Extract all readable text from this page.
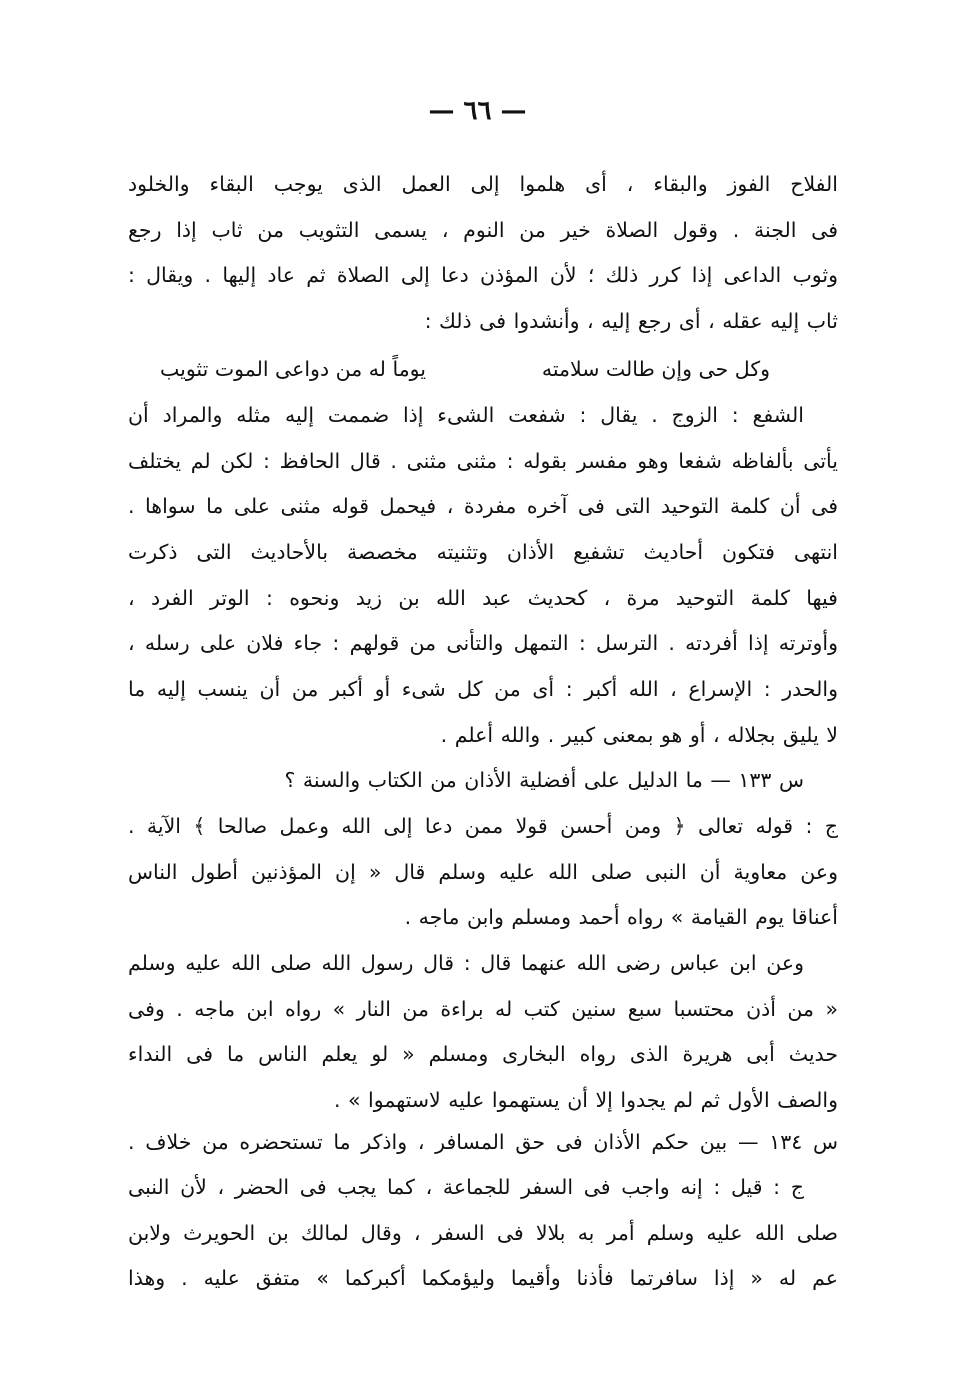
— ٦٦ —
الفلاح الفوز والبقاء ، أى هلموا إلى العمل الذى يوجب البقاء والخلود
فى الجنة . وقول الصلاة خير من النوم ، يسمى التثويب من ثاب إذا رجع
وثوب الداعى إذا كرر ذلك ؛ لأن المؤذن دعا إلى الصلاة ثم عاد إليها . ويقال :
ثاب إليه عقله ، أى رجع إليه ، وأنشدوا فى ذلك :
وكل حى وإن طالت سلامته
يوماً له من دواعى الموت تثويب
الشفع : الزوج . يقال : شفعت الشىء إذا ضممت إليه مثله والمراد أن
يأتى بألفاظه شفعا وهو مفسر بقوله : مثنى مثنى . قال الحافظ : لكن لم يختلف
فى أن كلمة التوحيد التى فى آخره مفردة ، فيحمل قوله مثنى على ما سواها .
انتهى فتكون أحاديث تشفيع الأذان وتثنيته مخصصة بالأحاديث التى ذكرت
فيها كلمة التوحيد مرة ، كحديث عبد الله بن زيد ونحوه : الوتر الفرد ،
وأوترته إذا أفردته . الترسل : التمهل والتأنى من قولهم : جاء فلان على رسله ،
والحدر : الإسراع ، الله أكبر : أى من كل شىء أو أكبر من أن ينسب إليه ما
لا يليق بجلاله ، أو هو بمعنى كبير . والله أعلم .
س ١٣٣ — ما الدليل على أفضلية الأذان من الكتاب والسنة ؟
ج : قوله تعالى ﴿ ومن أحسن قولا ممن دعا إلى الله وعمل صالحا ﴾ الآية .
وعن معاوية أن النبى صلى الله عليه وسلم قال « إن المؤذنين أطول الناس
أعناقا يوم القيامة » رواه أحمد ومسلم وابن ماجه .
وعن ابن عباس رضى الله عنهما قال : قال رسول الله صلى الله عليه وسلم
« من أذن محتسبا سبع سنين كتب له براءة من النار » رواه ابن ماجه . وفى
حديث أبى هريرة الذى رواه البخارى ومسلم « لو يعلم الناس ما فى النداء
والصف الأول ثم لم يجدوا إلا أن يستهموا عليه لاستهموا » .
س ١٣٤ — بين حكم الأذان فى حق المسافر ، واذكر ما تستحضره من خلاف .
ج : قيل : إنه واجب فى السفر للجماعة ، كما يجب فى الحضر ، لأن النبى
صلى الله عليه وسلم أمر به بلالا فى السفر ، وقال لمالك بن الحويرث ولابن
عم له « إذا سافرتما فأذنا وأقيما وليؤمكما أكبركما » متفق عليه . وهذا
